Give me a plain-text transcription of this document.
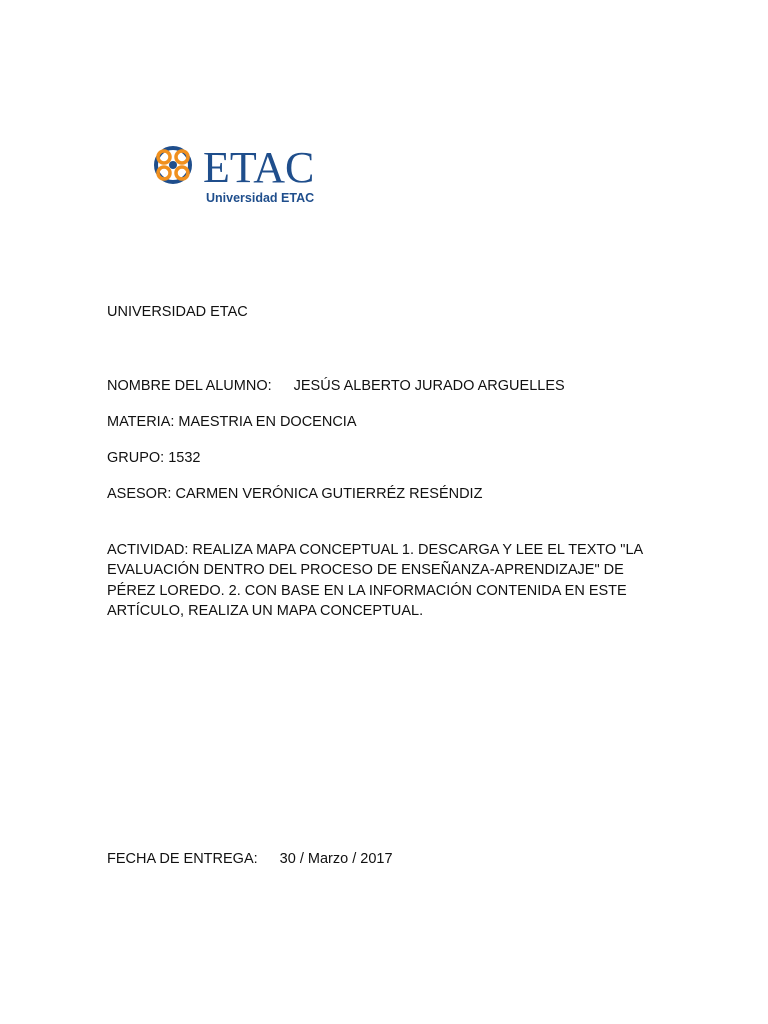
ETAC
Universidad ETAC
UNIVERSIDAD ETAC
NOMBRE DEL ALUMNO: JESÚS ALBERTO JURADO ARGUELLES
MATERIA: MAESTRIA EN DOCENCIA
GRUPO: 1532
ASESOR: CARMEN VERÓNICA GUTIERRÉZ RESÉNDIZ
ACTIVIDAD: REALIZA MAPA CONCEPTUAL 1. DESCARGA Y LEE EL TEXTO "LA EVALUACIÓN DENTRO DEL PROCESO DE ENSEÑANZA-APRENDIZAJE" DE PÉREZ LOREDO. 2. CON BASE EN LA INFORMACIÓN CONTENIDA EN ESTE ARTÍCULO, REALIZA UN MAPA CONCEPTUAL.
FECHA DE ENTREGA: 30 / Marzo / 2017
